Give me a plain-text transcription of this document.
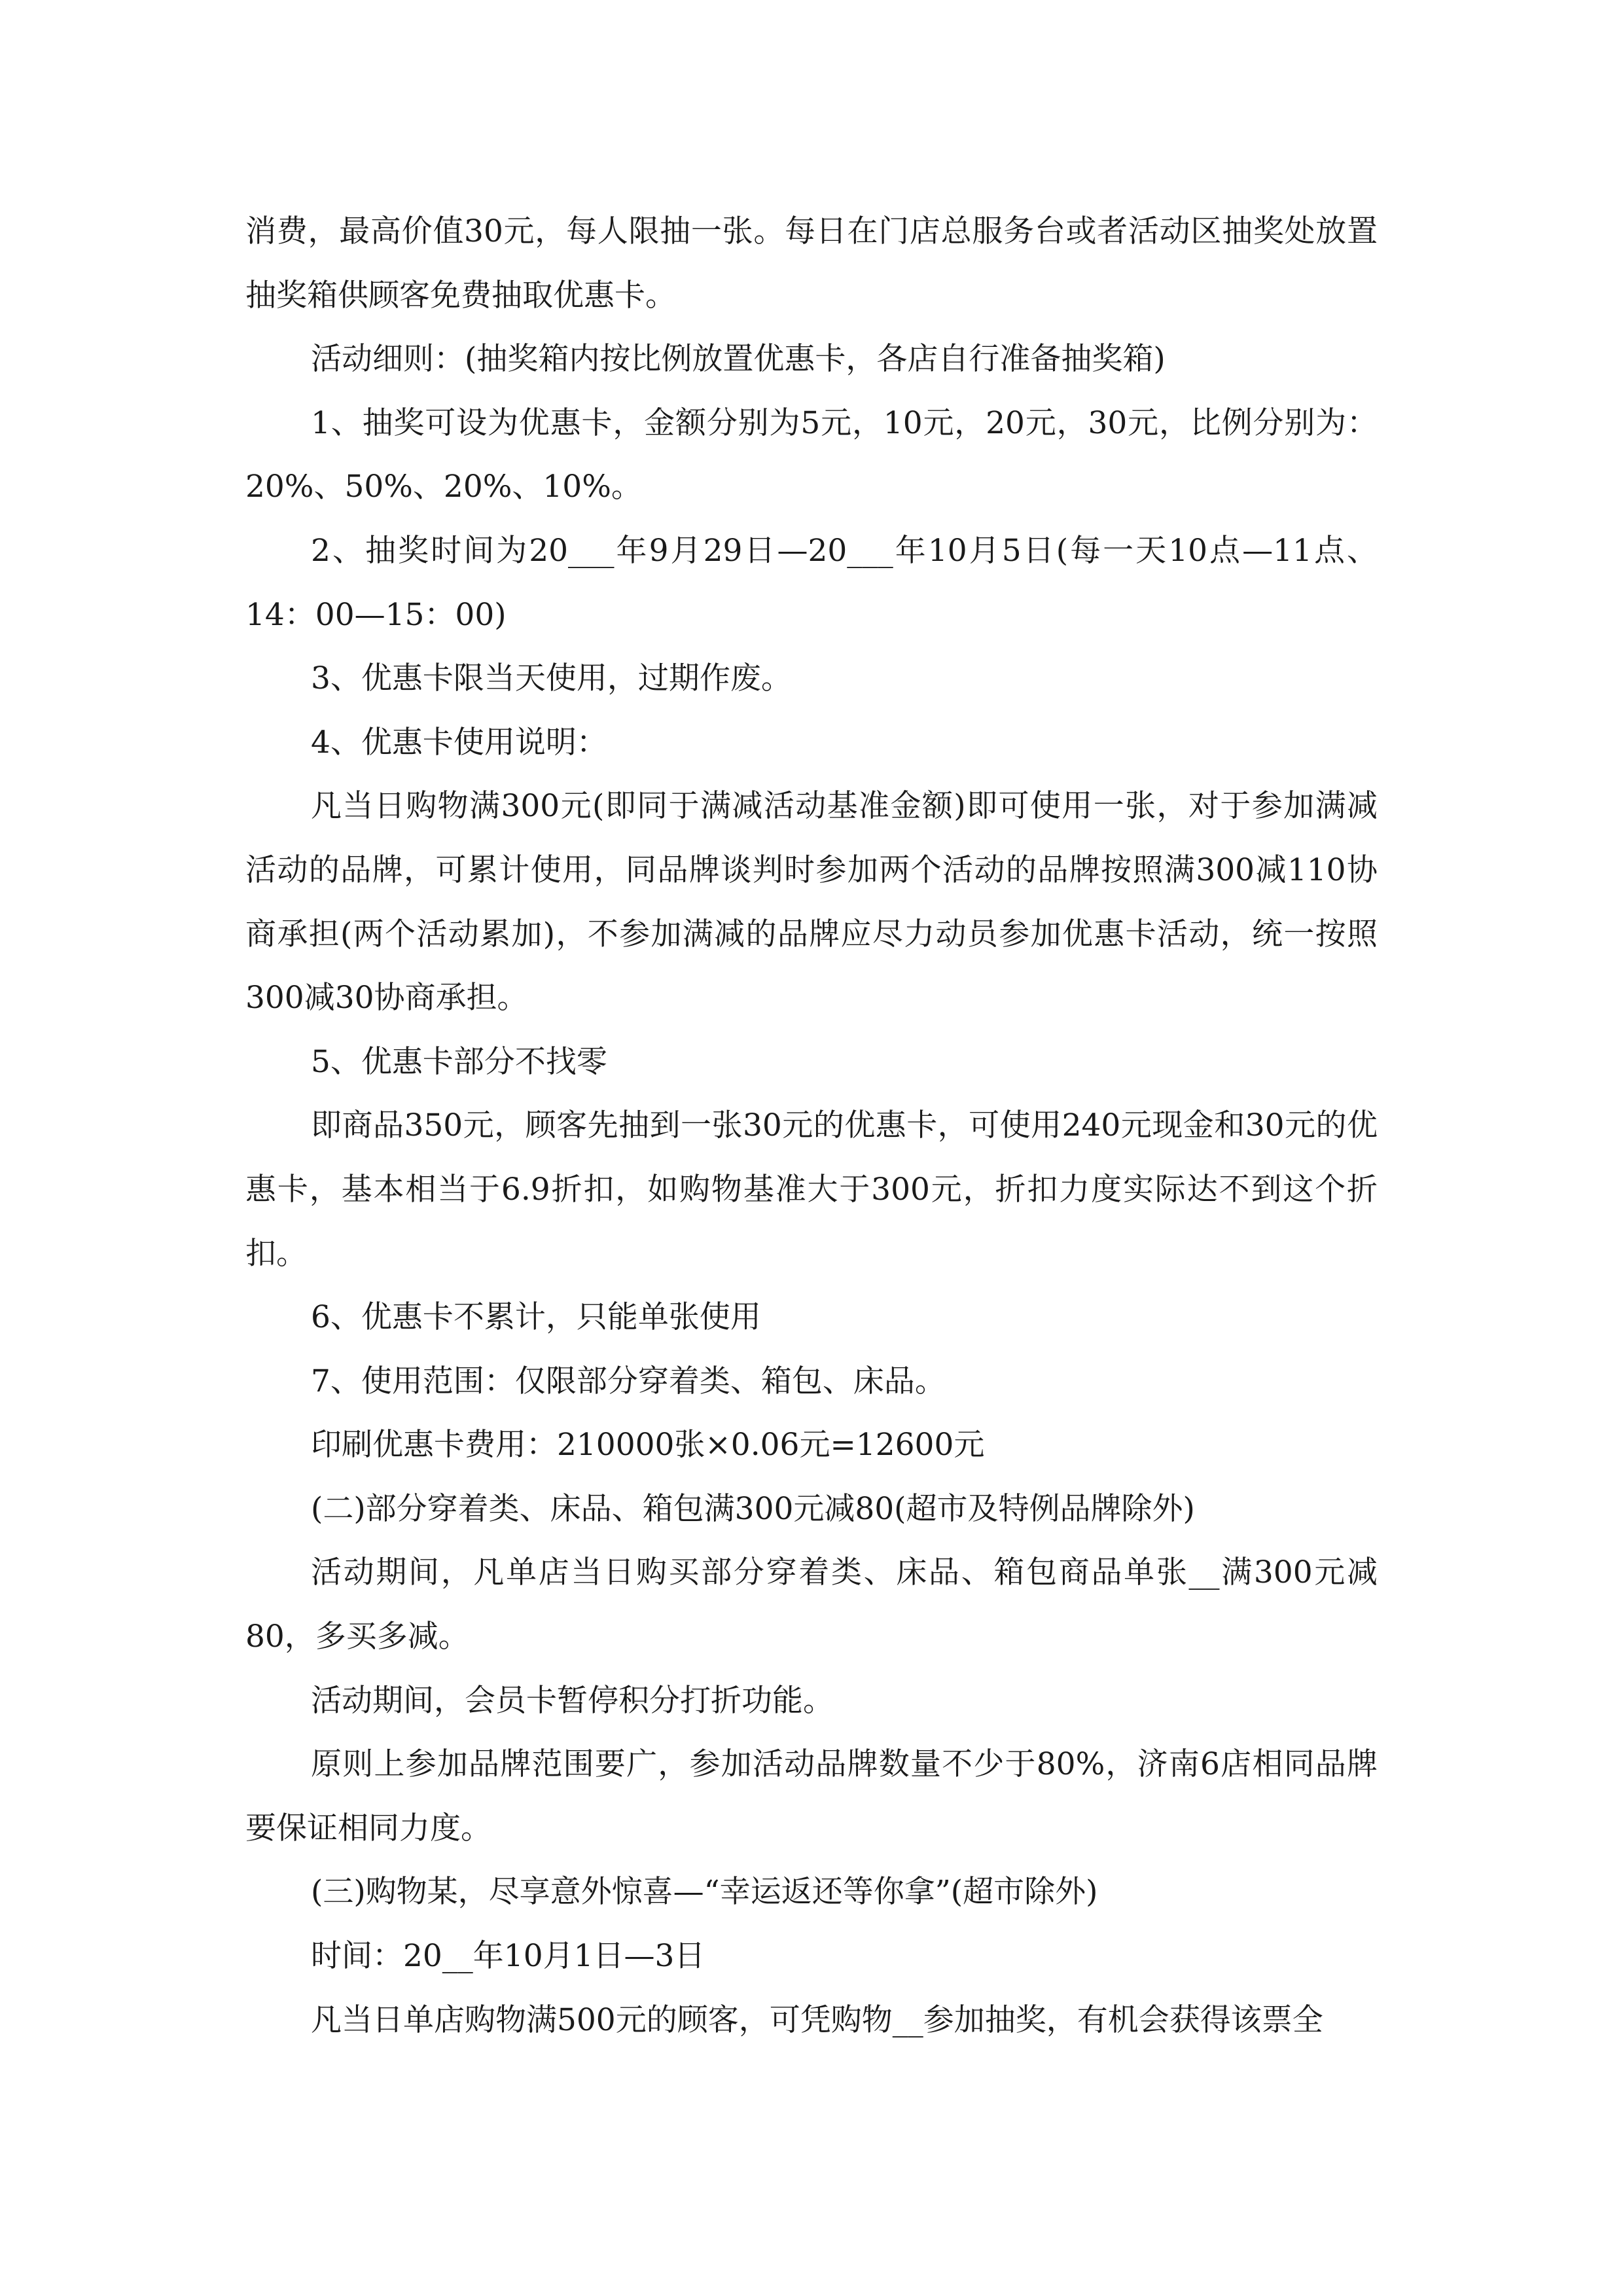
消费，最高价值30元，每人限抽一张。每日在门店总服务台或者活动区抽奖处放置抽奖箱供顾客免费抽取优惠卡。

活动细则：(抽奖箱内按比例放置优惠卡，各店自行准备抽奖箱)

1、抽奖可设为优惠卡，金额分别为5元，10元，20元，30元，比例分别为：20%、50%、20%、10%。

2、抽奖时间为20___年9月29日—20___年10月5日(每一天10点—11点、14：00—15：00)

3、优惠卡限当天使用，过期作废。

4、优惠卡使用说明：

凡当日购物满300元(即同于满减活动基准金额)即可使用一张，对于参加满减活动的品牌，可累计使用，同品牌谈判时参加两个活动的品牌按照满300减110协商承担(两个活动累加)，不参加满减的品牌应尽力动员参加优惠卡活动，统一按照300减30协商承担。

5、优惠卡部分不找零

即商品350元，顾客先抽到一张30元的优惠卡，可使用240元现金和30元的优惠卡，基本相当于6.9折扣，如购物基准大于300元，折扣力度实际达不到这个折扣。

6、优惠卡不累计，只能单张使用

7、使用范围：仅限部分穿着类、箱包、床品。

印刷优惠卡费用：210000张×0.06元=12600元

(二)部分穿着类、床品、箱包满300元减80(超市及特例品牌除外)

活动期间，凡单店当日购买部分穿着类、床品、箱包商品单张__满300元减80，多买多减。

活动期间，会员卡暂停积分打折功能。

原则上参加品牌范围要广，参加活动品牌数量不少于80%，济南6店相同品牌要保证相同力度。

(三)购物某，尽享意外惊喜—“幸运返还等你拿”(超市除外)

时间：20__年10月1日—3日

凡当日单店购物满500元的顾客，可凭购物__参加抽奖，有机会获得该票全
